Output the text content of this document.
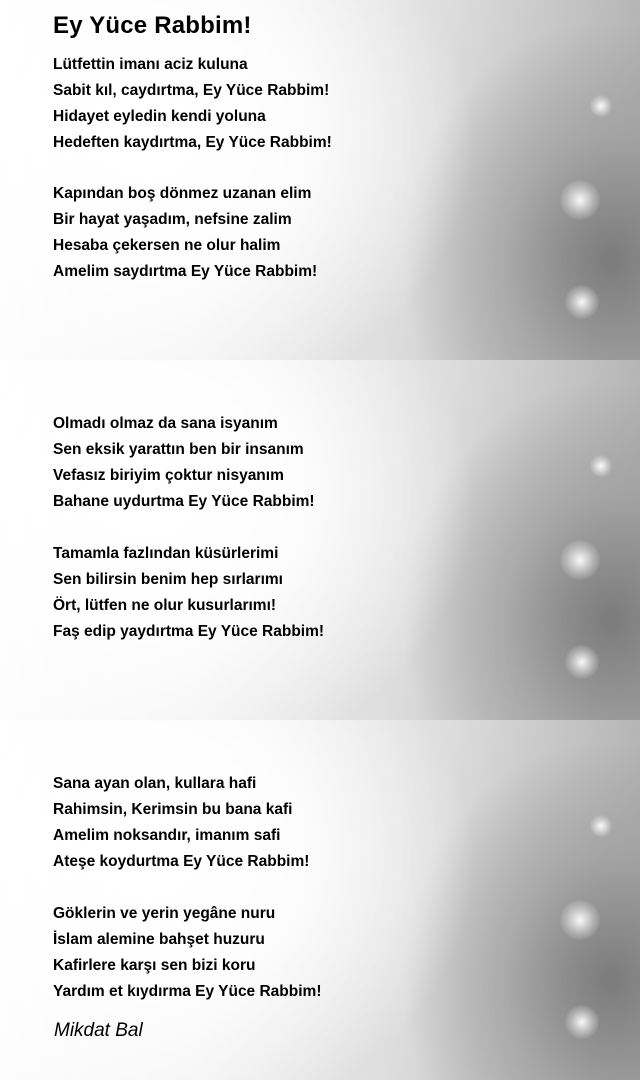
Ey Yüce Rabbim!
Lütfettin imanı aciz kuluna
Sabit kıl, caydırtma, Ey Yüce Rabbim!
Hidayet eyledin kendi yoluna
Hedeften kaydırtma, Ey Yüce Rabbim!
Kapından boş dönmez uzanan elim
Bir hayat yaşadım, nefsine zalim
Hesaba çekersen ne olur halim
Amelim saydırtma Ey Yüce Rabbim!
Olmadı olmaz da sana isyanım
Sen eksik yarattın ben bir insanım
Vefasız biriyim çoktur nisyanım
Bahane uydurtma Ey Yüce Rabbim!
Tamamla fazlından küsürlerimi
Sen bilirsin benim hep sırlarımı
Ört, lütfen ne olur kusurlarımı!
Faş edip yaydırtma Ey Yüce Rabbim!
Sana ayan olan, kullara hafi
Rahimsin, Kerimsin bu bana kafi
Amelim noksandır, imanım safi
Ateşe koydurtma Ey Yüce Rabbim!
Göklerin ve yerin yegâne nuru
İslam alemine bahşet huzuru
Kafirlere karşı sen bizi koru
Yardım et kıydırma Ey Yüce Rabbim!
Mikdat Bal
